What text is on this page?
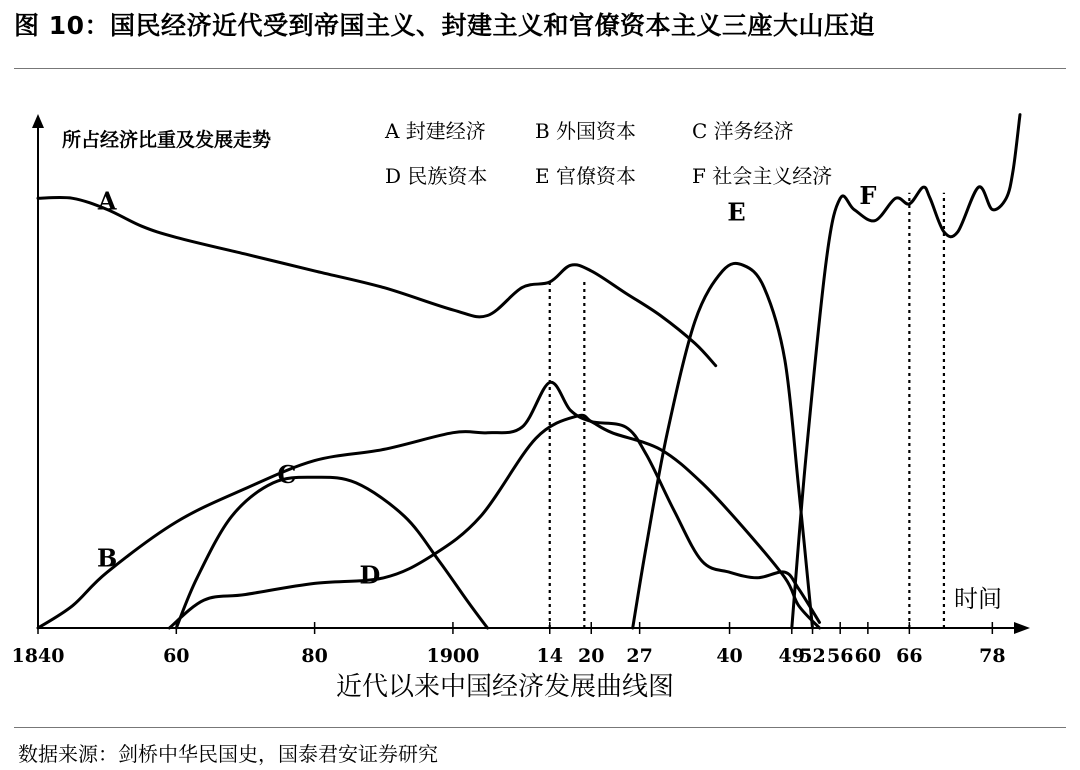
图 10：国民经济近代受到帝国主义、封建主义和官僚资本主义三座大山压迫
1840	60	80	1900	14 20 27	40 49
52 56 60 66	78
A
B
C
D
E
F
所占经济比重及发展走势	A 封建经济 B 外国资本	C 洋务经济
D 民族资本 E 官僚资本	F 社会主义经济
时间
近代以来中国经济发展曲线图
数据来源：剑桥中华民国史，国泰君安证券研究
